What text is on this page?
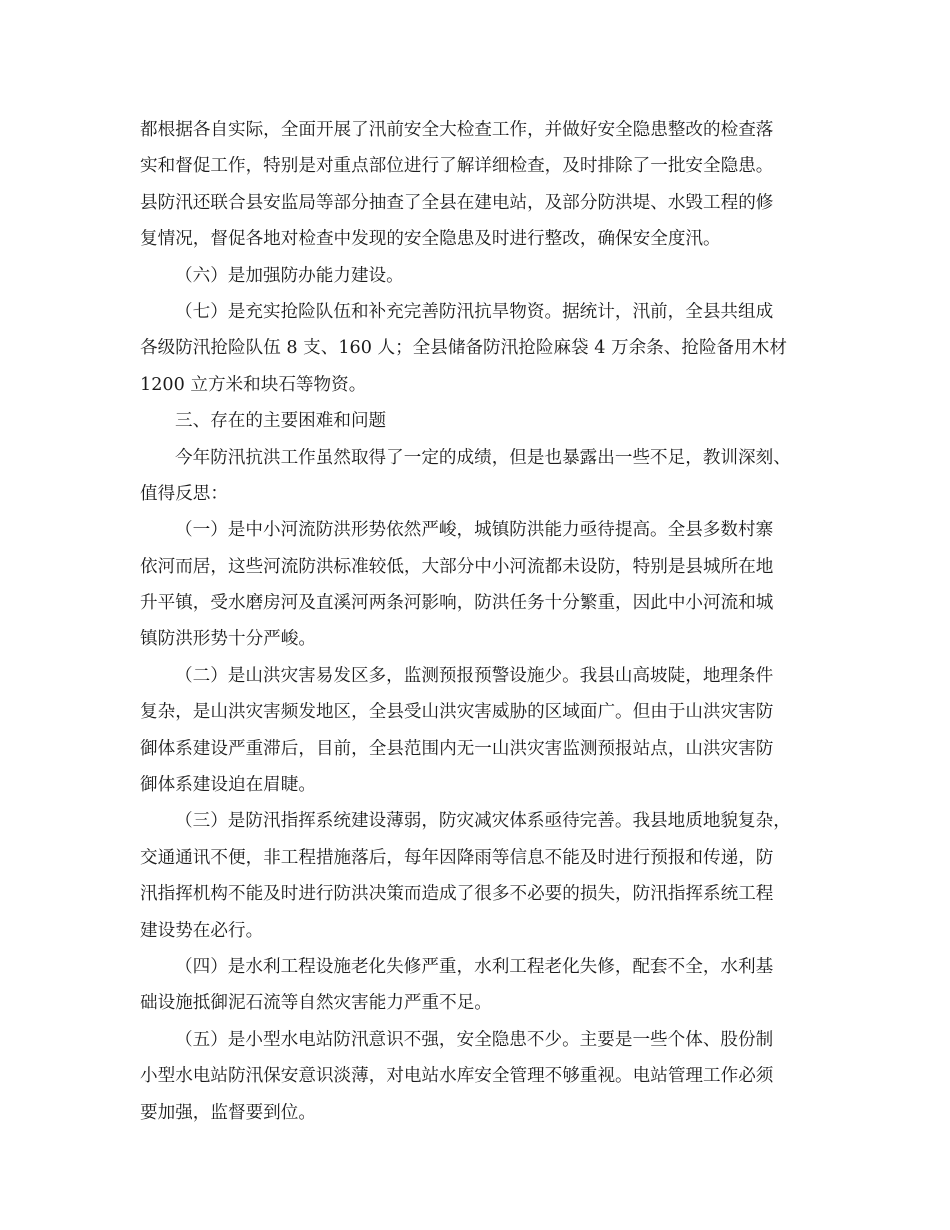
都根据各自实际，全面开展了汛前安全大检查工作，并做好安全隐患整改的检查落
实和督促工作，特别是对重点部位进行了解详细检查，及时排除了一批安全隐患。
县防汛还联合县安监局等部分抽查了全县在建电站，及部分防洪堤、水毁工程的修
复情况，督促各地对检查中发现的安全隐患及时进行整改，确保安全度汛。
（六）是加强防办能力建设。
（七）是充实抢险队伍和补充完善防汛抗旱物资。据统计，汛前，全县共组成
各级防汛抢险队伍 8 支、160 人；全县储备防汛抢险麻袋 4 万余条、抢险备用木材
1200 立方米和块石等物资。
三、存在的主要困难和问题
今年防汛抗洪工作虽然取得了一定的成绩，但是也暴露出一些不足，教训深刻、
值得反思：
（一）是中小河流防洪形势依然严峻，城镇防洪能力亟待提高。全县多数村寨
依河而居，这些河流防洪标准较低，大部分中小河流都未设防，特别是县城所在地
升平镇，受水磨房河及直溪河两条河影响，防洪任务十分繁重，因此中小河流和城
镇防洪形势十分严峻。
（二）是山洪灾害易发区多，监测预报预警设施少。我县山高坡陡，地理条件
复杂，是山洪灾害频发地区，全县受山洪灾害威胁的区域面广。但由于山洪灾害防
御体系建设严重滞后，目前，全县范围内无一山洪灾害监测预报站点，山洪灾害防
御体系建设迫在眉睫。
（三）是防汛指挥系统建设薄弱，防灾减灾体系亟待完善。我县地质地貌复杂，
交通通讯不便，非工程措施落后，每年因降雨等信息不能及时进行预报和传递，防
汛指挥机构不能及时进行防洪决策而造成了很多不必要的损失，防汛指挥系统工程
建设势在必行。
（四）是水利工程设施老化失修严重，水利工程老化失修，配套不全，水利基
础设施抵御泥石流等自然灾害能力严重不足。
（五）是小型水电站防汛意识不强，安全隐患不少。主要是一些个体、股份制
小型水电站防汛保安意识淡薄，对电站水库安全管理不够重视。电站管理工作必须
要加强，监督要到位。
